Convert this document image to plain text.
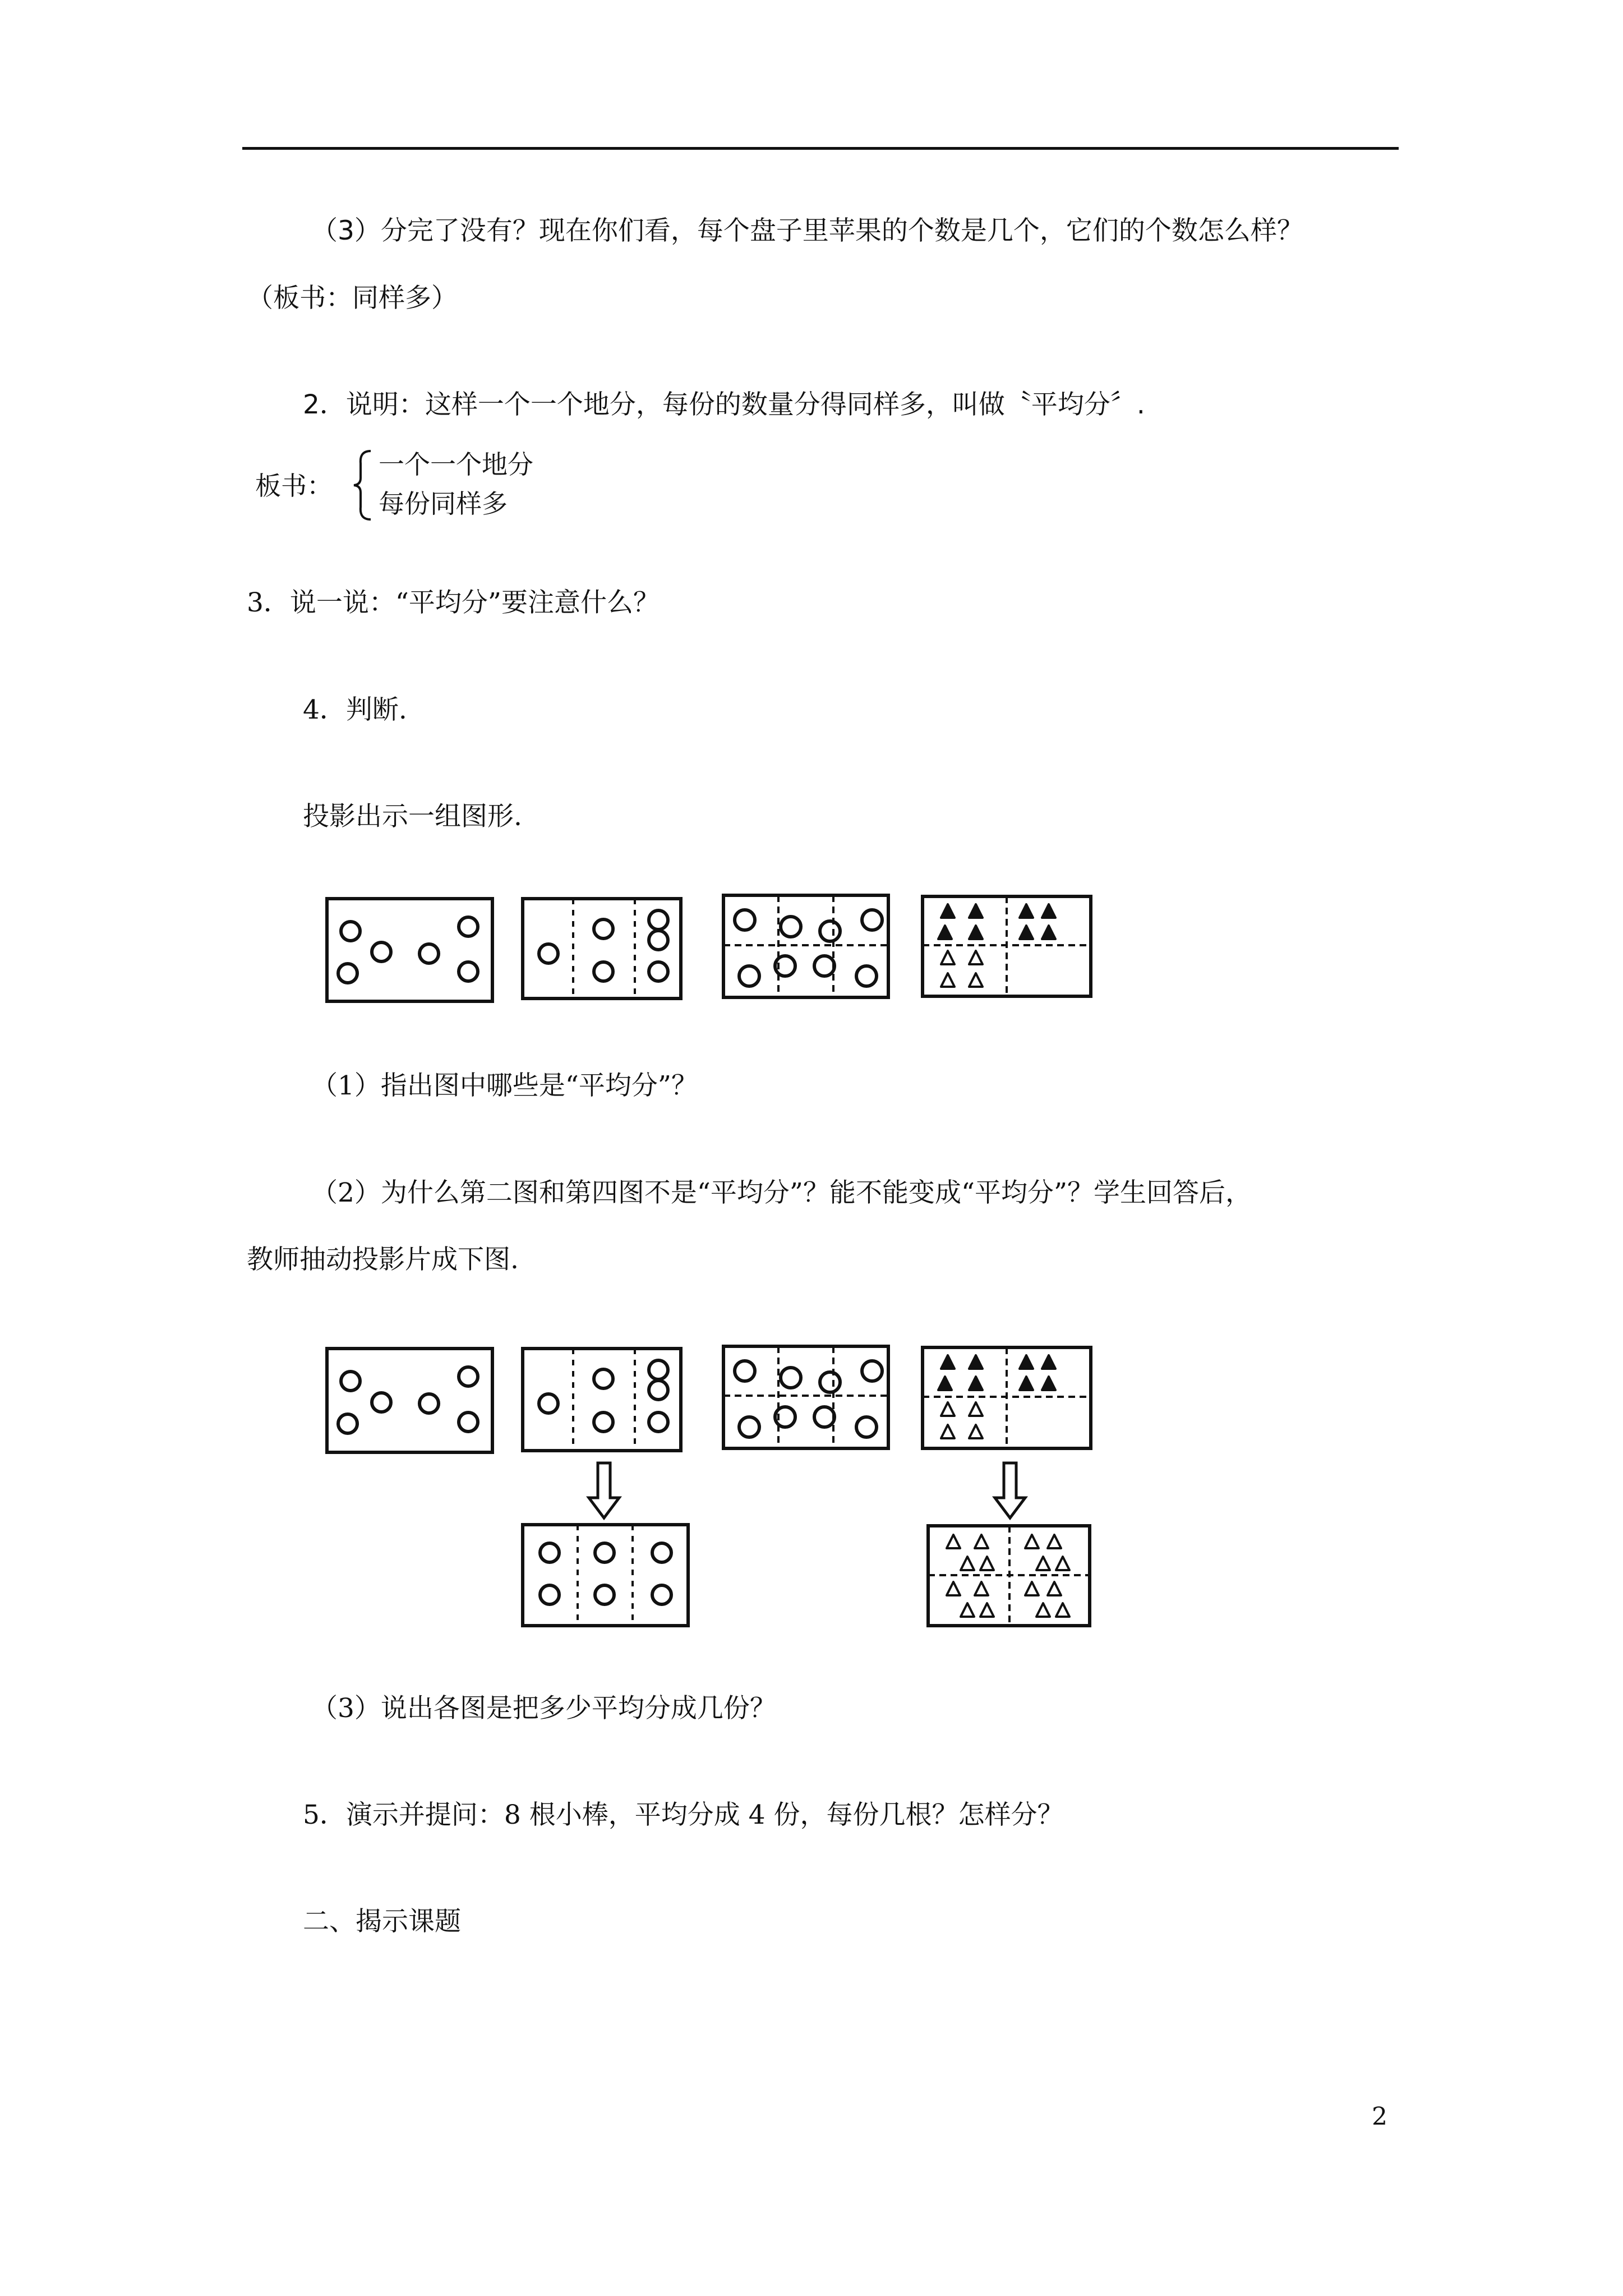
（3）分完了没有？现在你们看，每个盘子里苹果的个数是几个，它们的个数怎么样？
（板书：同样多）
2．说明：这样一个一个地分，每份的数量分得同样多，叫做〝平均分〞.
板书：
一个一个地分
每份同样多
3．说一说：“平均分”要注意什么？
4．判断.
投影出示一组图形.
（1）指出图中哪些是“平均分”？
（2）为什么第二图和第四图不是“平均分”？能不能变成“平均分”？学生回答后，
教师抽动投影片成下图.
（3）说出各图是把多少平均分成几份？
5．演示并提问：8 根小棒，平均分成 4 份，每份几根？怎样分？
二、揭示课题
2
